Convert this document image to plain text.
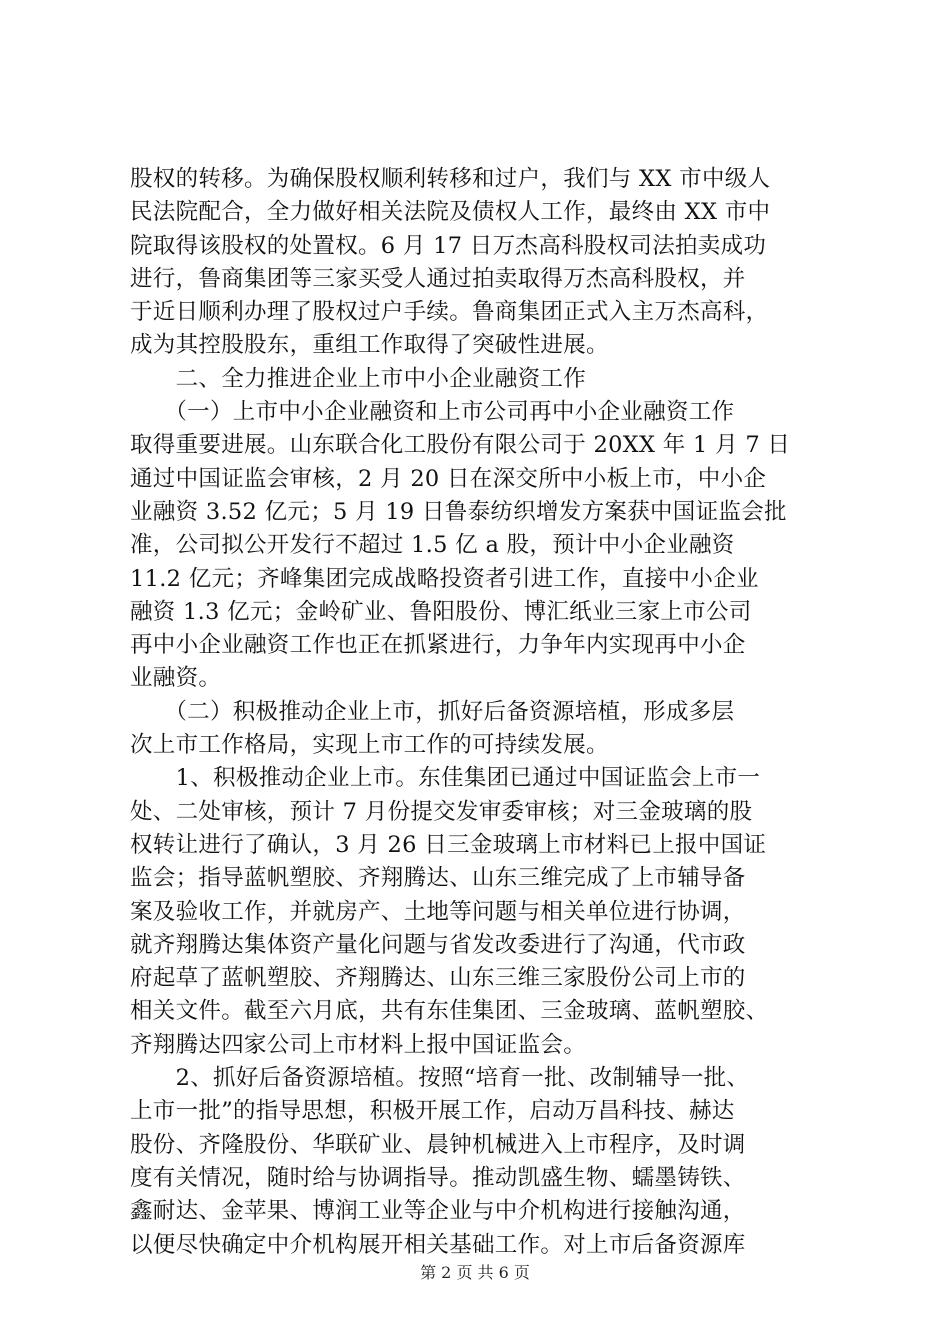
股权的转移。为确保股权顺利转移和过户，我们与 XX 市中级人
民法院配合，全力做好相关法院及债权人工作，最终由 XX 市中
院取得该股权的处置权。6 月 17 日万杰高科股权司法拍卖成功
进行，鲁商集团等三家买受人通过拍卖取得万杰高科股权，并
于近日顺利办理了股权过户手续。鲁商集团正式入主万杰高科，
成为其控股股东，重组工作取得了突破性进展。
　　二、全力推进企业上市中小企业融资工作
　　（一）上市中小企业融资和上市公司再中小企业融资工作
取得重要进展。山东联合化工股份有限公司于 20XX 年 1 月 7 日
通过中国证监会审核，2 月 20 日在深交所中小板上市，中小企
业融资 3.52 亿元；5 月 19 日鲁泰纺织增发方案获中国证监会批
准，公司拟公开发行不超过 1.5 亿 a 股，预计中小企业融资
11.2 亿元；齐峰集团完成战略投资者引进工作，直接中小企业
融资 1.3 亿元；金岭矿业、鲁阳股份、博汇纸业三家上市公司
再中小企业融资工作也正在抓紧进行，力争年内实现再中小企
业融资。
　　（二）积极推动企业上市，抓好后备资源培植，形成多层
次上市工作格局，实现上市工作的可持续发展。
　　1、积极推动企业上市。东佳集团已通过中国证监会上市一
处、二处审核，预计 7 月份提交发审委审核；对三金玻璃的股
权转让进行了确认，3 月 26 日三金玻璃上市材料已上报中国证
监会；指导蓝帆塑胶、齐翔腾达、山东三维完成了上市辅导备
案及验收工作，并就房产、土地等问题与相关单位进行协调，
就齐翔腾达集体资产量化问题与省发改委进行了沟通，代市政
府起草了蓝帆塑胶、齐翔腾达、山东三维三家股份公司上市的
相关文件。截至六月底，共有东佳集团、三金玻璃、蓝帆塑胶、
齐翔腾达四家公司上市材料上报中国证监会。
　　2、抓好后备资源培植。按照“培育一批、改制辅导一批、
上市一批”的指导思想，积极开展工作，启动万昌科技、赫达
股份、齐隆股份、华联矿业、晨钟机械进入上市程序，及时调
度有关情况，随时给与协调指导。推动凯盛生物、蠕墨铸铁、
鑫耐达、金苹果、博润工业等企业与中介机构进行接触沟通，
以便尽快确定中介机构展开相关基础工作。对上市后备资源库
第 2 页 共 6 页
